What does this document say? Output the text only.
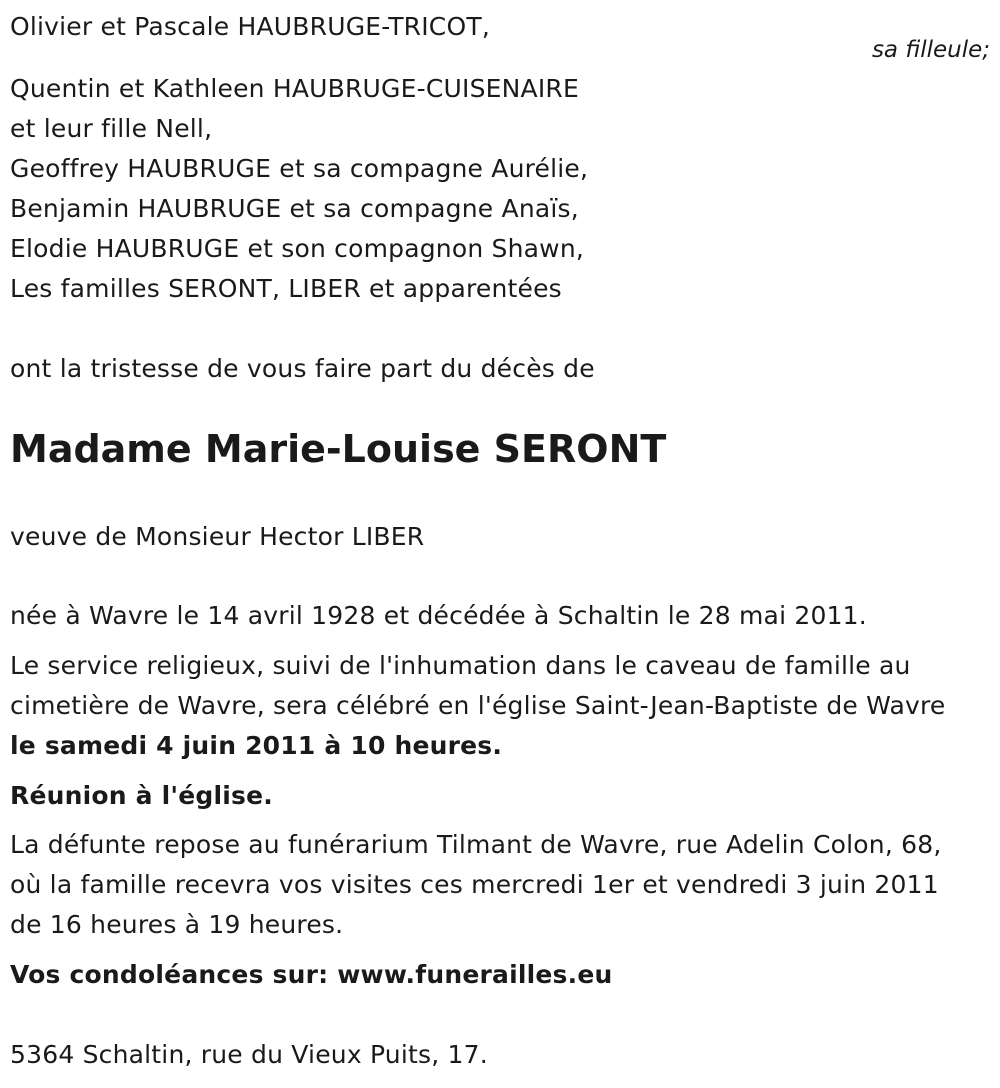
Olivier et Pascale HAUBRUGE-TRICOT,
sa filleule;
Quentin et Kathleen HAUBRUGE-CUISENAIRE
et leur fille Nell,
Geoffrey HAUBRUGE et sa compagne Aurélie,
Benjamin HAUBRUGE et sa compagne Anaïs,
Elodie HAUBRUGE et son compagnon Shawn,
Les familles SERONT, LIBER et apparentées
ont la tristesse de vous faire part du décès de
Madame Marie-Louise SERONT
veuve de Monsieur Hector LIBER
née à Wavre le 14 avril 1928 et décédée à Schaltin le 28 mai 2011.
Le service religieux, suivi de l'inhumation dans le caveau de famille au
cimetière de Wavre, sera célébré en l'église Saint-Jean-Baptiste de Wavre
le samedi 4 juin 2011 à 10 heures.
Réunion à l'église.
La défunte repose au funérarium Tilmant de Wavre, rue Adelin Colon, 68,
où la famille recevra vos visites ces mercredi 1er et vendredi 3 juin 2011
de 16 heures à 19 heures.
Vos condoléances sur: www.funerailles.eu
5364 Schaltin, rue du Vieux Puits, 17.
